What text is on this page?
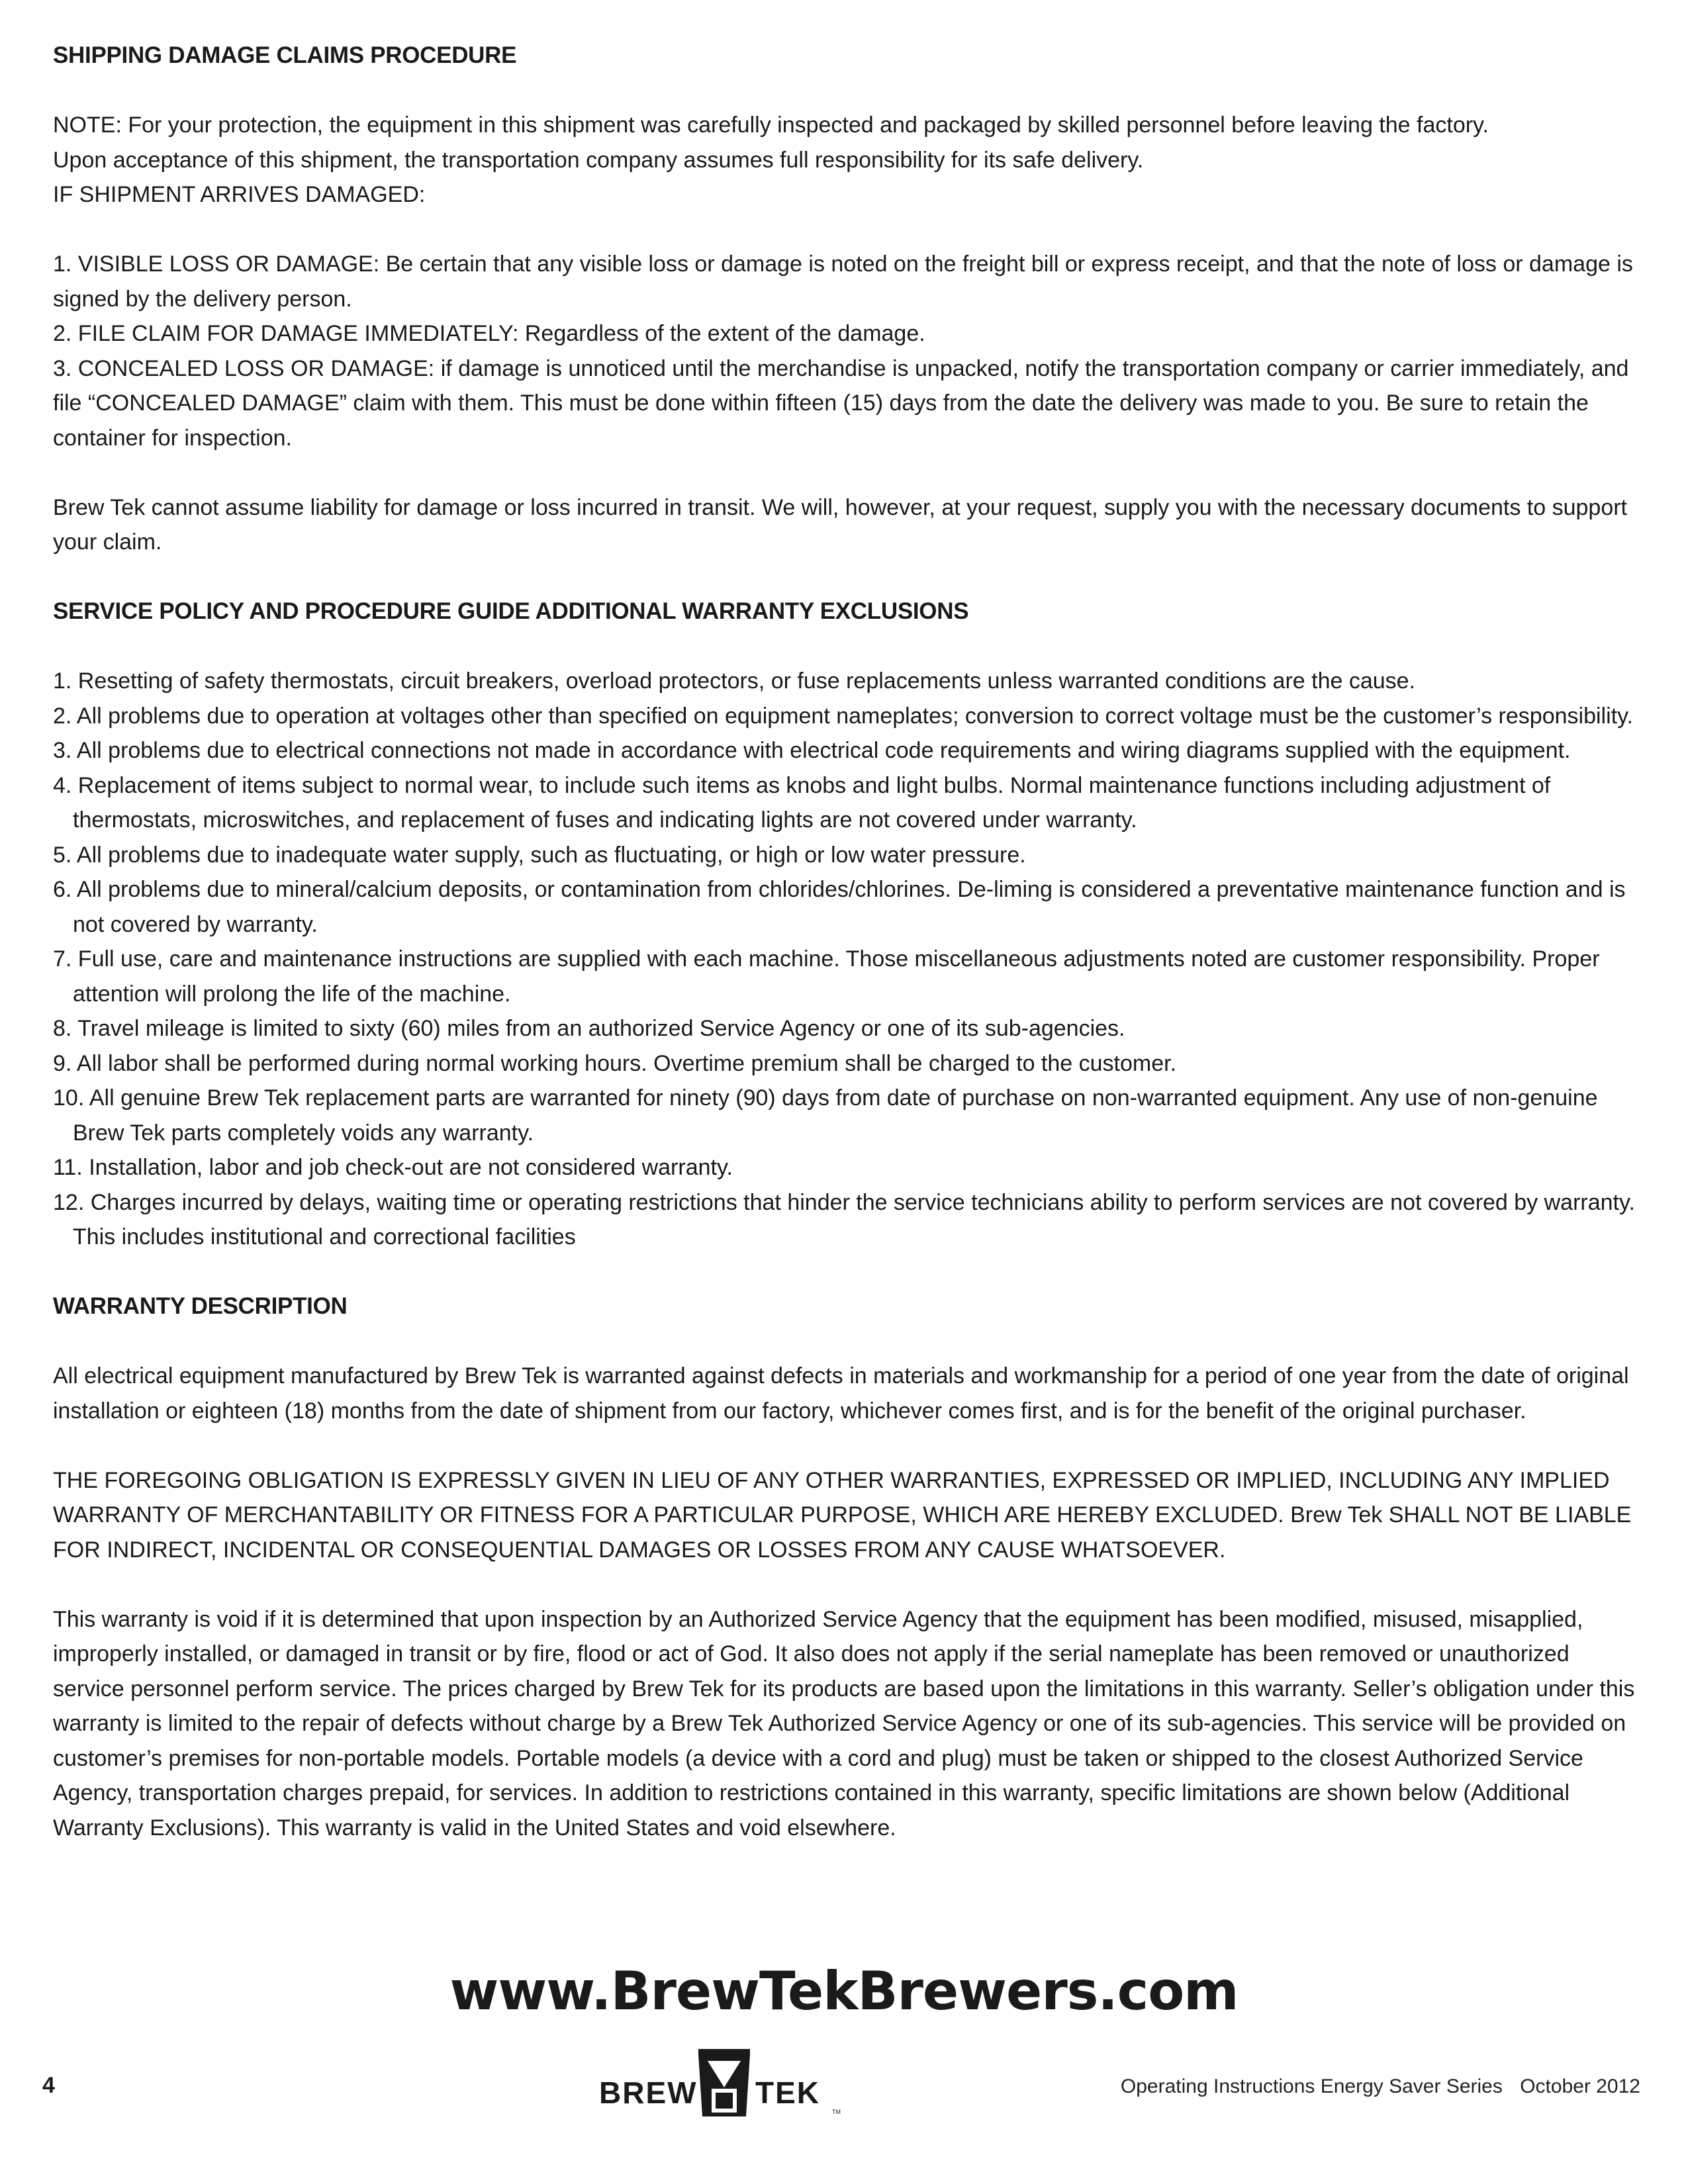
SHIPPING DAMAGE CLAIMS PROCEDURE

NOTE: For your protection, the equipment in this shipment was carefully inspected and packaged by skilled personnel before leaving the factory.

Upon acceptance of this shipment, the transportation company assumes full responsibility for its safe delivery.

IF SHIPMENT ARRIVES DAMAGED:

1. VISIBLE LOSS OR DAMAGE: Be certain that any visible loss or damage is noted on the freight bill or express receipt, and that the note of loss or damage is signed by the delivery person.
2. FILE CLAIM FOR DAMAGE IMMEDIATELY: Regardless of the extent of the damage.
3. CONCEALED LOSS OR DAMAGE: if damage is unnoticed until the merchandise is unpacked, notify the transportation company or carrier immediately, and file “CONCEALED DAMAGE” claim with them. This must be done within fifteen (15) days from the date the delivery was made to you. Be sure to retain the container for inspection.

Brew Tek cannot assume liability for damage or loss incurred in transit. We will, however, at your request, supply you with the necessary documents to support your claim.

SERVICE POLICY AND PROCEDURE GUIDE ADDITIONAL WARRANTY EXCLUSIONS
1. Resetting of safety thermostats, circuit breakers, overload protectors, or fuse replacements unless warranted conditions are the cause.
2. All problems due to operation at voltages other than specified on equipment nameplates; conversion to correct voltage must be the customer’s responsibility.
3. All problems due to electrical connections not made in accordance with electrical code requirements and wiring diagrams supplied with the equipment.
4. Replacement of items subject to normal wear, to include such items as knobs and light bulbs. Normal maintenance functions including adjustment of thermostats, microswitches, and replacement of fuses and indicating lights are not covered under warranty.
5. All problems due to inadequate water supply, such as fluctuating, or high or low water pressure.
6. All problems due to mineral/calcium deposits, or contamination from chlorides/chlorines. De-liming is considered a preventative maintenance function and is not covered by warranty.
7. Full use, care and maintenance instructions are supplied with each machine. Those miscellaneous adjustments noted are customer responsibility. Proper attention will prolong the life of the machine.
8. Travel mileage is limited to sixty (60) miles from an authorized Service Agency or one of its sub-agencies.
9. All labor shall be performed during normal working hours. Overtime premium shall be charged to the customer.
10. All genuine Brew Tek replacement parts are warranted for ninety (90) days from date of purchase on non-warranted equipment. Any use of non-genuine Brew Tek parts completely voids any warranty.
11. Installation, labor and job check-out are not considered warranty.
12. Charges incurred by delays, waiting time or operating restrictions that hinder the service technicians ability to perform services are not covered by warranty. This includes institutional and correctional facilities
WARRANTY DESCRIPTION

All electrical equipment manufactured by Brew Tek is warranted against defects in materials and workmanship for a period of one year from the date of original installation or eighteen (18) months from the date of shipment from our factory, whichever comes first, and is for the benefit of the original purchaser.

THE FOREGOING OBLIGATION IS EXPRESSLY GIVEN IN LIEU OF ANY OTHER WARRANTIES, EXPRESSED OR IMPLIED, INCLUDING ANY IMPLIED WARRANTY OF MERCHANTABILITY OR FITNESS FOR A PARTICULAR PURPOSE, WHICH ARE HEREBY EXCLUDED. Brew Tek SHALL NOT BE LIABLE FOR INDIRECT, INCIDENTAL OR CONSEQUENTIAL DAMAGES OR LOSSES FROM ANY CAUSE WHATSOEVER.

This warranty is void if it is determined that upon inspection by an Authorized Service Agency that the equipment has been modified, misused, misapplied, improperly installed, or damaged in transit or by fire, flood or act of God. It also does not apply if the serial nameplate has been removed or unauthorized service personnel perform service. The prices charged by Brew Tek for its products are based upon the limitations in this warranty. Seller’s obligation under this warranty is limited to the repair of defects without charge by a Brew Tek Authorized Service Agency or one of its sub-agencies. This service will be provided on customer’s premises for non-portable models. Portable models (a device with a cord and plug) must be taken or shipped to the closest Authorized Service Agency, transportation charges prepaid, for services. In addition to restrictions contained in this warranty, specific limitations are shown below (Additional Warranty Exclusions). This warranty is valid in the United States and void elsewhere.

www.BrewTekBrewers.com
4	BREW TEK
TM
Operating Instructions Energy Saver Series October 2012
